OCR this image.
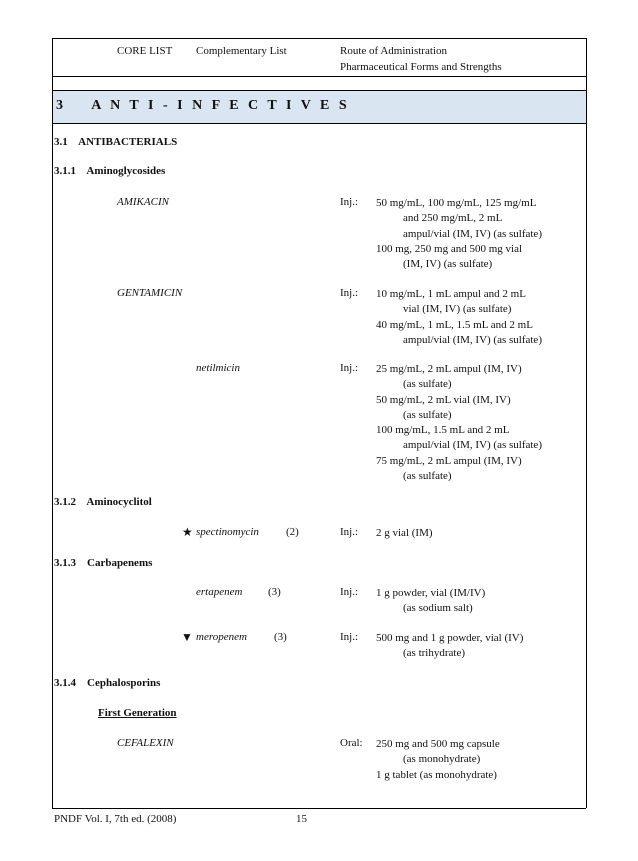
3 A N T I - I N F E C T I V E S
CORE LIST Complementary List	Route of Administration
Pharmaceutical Forms and Strengths
3.1 ANTIBACTERIALS
3.1.1 Aminoglycosides
AMIKACIN	Inj.: 50 mg/mL, 100 mg/mL, 125 mg/mL
and 250 mg/mL, 2 mL
ampul/vial (IM, IV) (as sulfate)
100 mg, 250 mg and 500 mg vial
(IM, IV) (as sulfate)
GENTAMICIN	Inj.: 10 mg/mL, 1 mL ampul and 2 mL
vial (IM, IV) (as sulfate)
40 mg/mL, 1 mL, 1.5 mL and 2 mL
ampul/vial (IM, IV) (as sulfate)
netilmicin	Inj.: 25 mg/mL, 2 mL ampul (IM, IV)
(as sulfate)
50 mg/mL, 2 mL vial (IM, IV)
(as sulfate)
100 mg/mL, 1.5 mL and 2 mL
ampul/vial (IM, IV) (as sulfate)
75 mg/mL, 2 mL ampul (IM, IV)
(as sulfate)
3.1.2 Aminocyclitol
★ spectinomycin (2)	Inj.: 2 g vial (IM)
3.1.3 Carbapenems
ertapenem (3)	Inj.: 1 g powder, vial (IM/IV)
(as sodium salt)
▼ meropenem (3)	Inj.: 500 mg and 1 g powder, vial (IV)
(as trihydrate)
3.1.4 Cephalosporins
First Generation
CEFALEXIN	Oral: 250 mg and 500 mg capsule
(as monohydrate)
1 g tablet (as monohydrate)
PNDF Vol. I, 7th ed. (2008)	15
